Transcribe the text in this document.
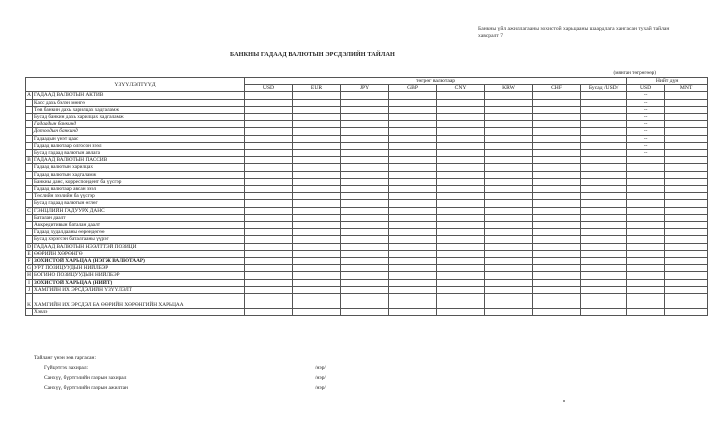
Банкны үйл ажиллагааны зохистой харьцааны шаардлага хангасан тухай тайлан хавсралт 7
БАНКНЫ ГАДААД ВАЛЮТЫН ЭРСДЭЛИЙН ТАЙЛАН
(мянган төгрөгөөр)
ҮЗҮҮЛЭЛТҮҮД		төгрөг валютаар								Нийт дүн	
		USD	EUR	JPY	GBP	CNY	KRW	CHF	Бусад /USD/	USD	MNT
A	ГАДААД ВАЛЮТЫН АКТИВ									--	
	Касс дахь бэлэн мөнгө									--	
	Төв банкин дахь харилцах хадгаламж									--	
	Бусад банкин дахь харилцах хадгаламж									--	
	Гадаадын банкинд									--	
	Дотоодын банкинд									--	
	Гадаадын үнэт цаас									--	
	Гадаад валютаар олгосон зээл									--	
	Бусад гадаад валютын авлага									--	
B	ГАДААД ВАЛЮТЫН ПАССИВ										
	Гадаад валютын харилцах										
	Гадаад валютын хадгаламж										
	Банкны данс, корреспондент ба үүсгэр										
	Гадаад валютаар авсан зээл										
	Төслийн зээлийн ба үүсгэр										
	Бусад гадаад валютын өглөг										
C	ГЭНЦЛИЙН ГАДУУРХ ДАНС										
	Баталан даалт										
	Аккредитивын баталан даалт										
	Гадаад худалдааны өөрөндөгөө										
	Бусад хэрэгсэн баталгааны үүрэг										
D	ГАДААД ВАЛЮТЫН НЭЭЛТТЭЙ ПОЗИЦИ										
E	ӨӨРИЙН ХӨРӨНГӨ										
F	ЗОХИСТОЙ ХАРЬЦАА (НЭГЖ ВАЛЮТААР)										
G	УРТ ПОЗИЦУУДЫН НИЙЛБЭР										
H	БОГИНО ПОЗИЦУУДЫН НИЙЛБЭР										
I	ЗОХИСТОЙ ХАРЬЦАА (НИЙТ)										
J	ХАМГИЙН ИХ ЭРСДЭЛИЙН ҮЗҮҮЛЭЛТ										
K	ХАМГИЙН ИХ ЭРСДЭЛ БА ӨӨРИЙН ХӨРӨНГИЙН ХАРЬЦАА										
	Хэвлэ										
Тайланг үнэн зөв гаргасан:
Гүйцэтгэх захирал:	/нэр/
Санхүү, бүртгэлийн газрын захирал	/нэр/
Санхүү, бүртгэлийн газрын ажилтан	/нэр/
